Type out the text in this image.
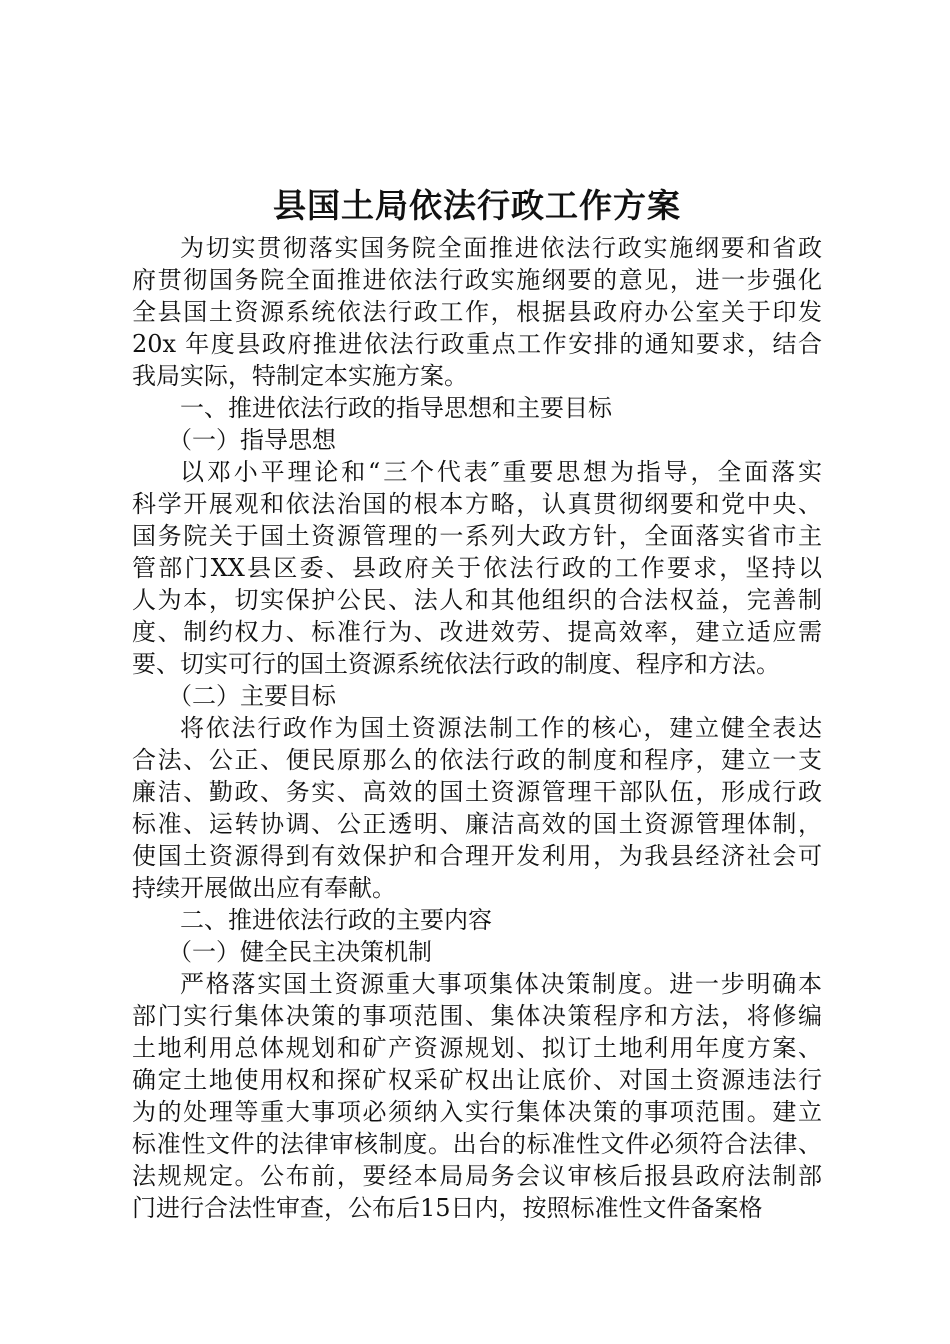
县国土局依法行政工作方案
为切实贯彻落实国务院全面推进依法行政实施纲要和省政
府贯彻国务院全面推进依法行政实施纲要的意见，进一步强化
全县国土资源系统依法行政工作，根据县政府办公室关于印发
20x 年度县政府推进依法行政重点工作安排的通知要求，结合
我局实际，特制定本实施方案。
一、推进依法行政的指导思想和主要目标
（一）指导思想
以邓小平理论和“三个代表″重要思想为指导，全面落实
科学开展观和依法治国的根本方略，认真贯彻纲要和党中央、
国务院关于国土资源管理的一系列大政方针，全面落实省市主
管部门XX县区委、县政府关于依法行政的工作要求，坚持以
人为本，切实保护公民、法人和其他组织的合法权益，完善制
度、制约权力、标准行为、改进效劳、提高效率，建立适应需
要、切实可行的国土资源系统依法行政的制度、程序和方法。
（二）主要目标
将依法行政作为国土资源法制工作的核心，建立健全表达
合法、公正、便民原那么的依法行政的制度和程序，建立一支
廉洁、勤政、务实、高效的国土资源管理干部队伍，形成行政
标准、运转协调、公正透明、廉洁高效的国土资源管理体制，
使国土资源得到有效保护和合理开发利用，为我县经济社会可
持续开展做出应有奉献。
二、推进依法行政的主要内容
（一）健全民主决策机制
严格落实国土资源重大事项集体决策制度。进一步明确本
部门实行集体决策的事项范围、集体决策程序和方法，将修编
土地利用总体规划和矿产资源规划、拟订土地利用年度方案、
确定土地使用权和探矿权采矿权出让底价、对国土资源违法行
为的处理等重大事项必须纳入实行集体决策的事项范围。建立
标准性文件的法律审核制度。出台的标准性文件必须符合法律、
法规规定。公布前，要经本局局务会议审核后报县政府法制部
门进行合法性审查，公布后15日内，按照标准性文件备案格
